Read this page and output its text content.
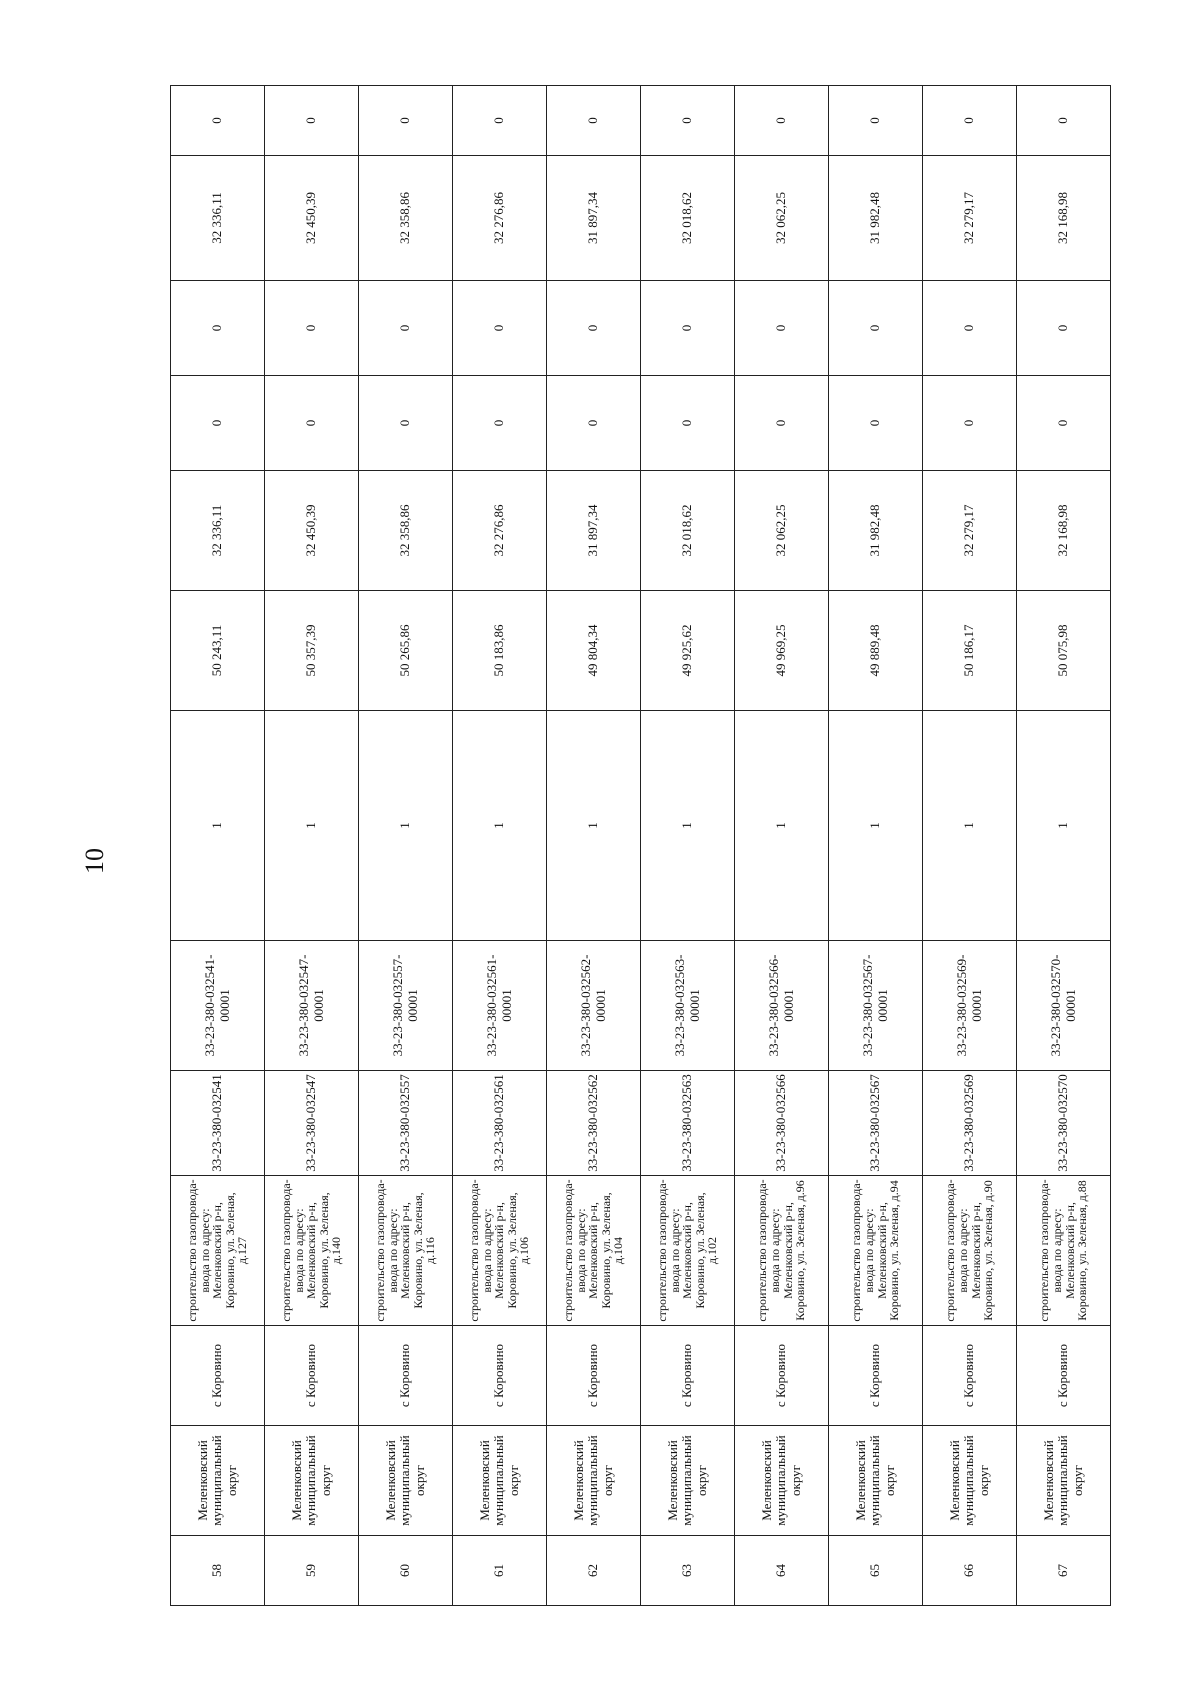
10
58	Меленковский муниципальный округ	с Коровино	строительство газопровода-ввода по адресу: Меленковский р-н, Коровино, ул. Зеленая, д.127	33-23-380-032541	33-23-380-032541-00001	1	50 243,11	32 336,11	0	0	32 336,11	0
59	Меленковский муниципальный округ	с Коровино	строительство газопровода-ввода по адресу: Меленковский р-н, Коровино, ул. Зеленая, д.140	33-23-380-032547	33-23-380-032547-00001	1	50 357,39	32 450,39	0	0	32 450,39	0
60	Меленковский муниципальный округ	с Коровино	строительство газопровода-ввода по адресу: Меленковский р-н, Коровино, ул. Зеленая, д.116	33-23-380-032557	33-23-380-032557-00001	1	50 265,86	32 358,86	0	0	32 358,86	0
61	Меленковский муниципальный округ	с Коровино	строительство газопровода-ввода по адресу: Меленковский р-н, Коровино, ул. Зеленая, д.106	33-23-380-032561	33-23-380-032561-00001	1	50 183,86	32 276,86	0	0	32 276,86	0
62	Меленковский муниципальный округ	с Коровино	строительство газопровода-ввода по адресу: Меленковский р-н, Коровино, ул. Зеленая, д.104	33-23-380-032562	33-23-380-032562-00001	1	49 804,34	31 897,34	0	0	31 897,34	0
63	Меленковский муниципальный округ	с Коровино	строительство газопровода-ввода по адресу: Меленковский р-н, Коровино, ул. Зеленая, д.102	33-23-380-032563	33-23-380-032563-00001	1	49 925,62	32 018,62	0	0	32 018,62	0
64	Меленковский муниципальный округ	с Коровино	строительство газопровода-ввода по адресу: Меленковский р-н, Коровино, ул. Зеленая, д.96	33-23-380-032566	33-23-380-032566-00001	1	49 969,25	32 062,25	0	0	32 062,25	0
65	Меленковский муниципальный округ	с Коровино	строительство газопровода-ввода по адресу: Меленковский р-н, Коровино, ул. Зеленая, д.94	33-23-380-032567	33-23-380-032567-00001	1	49 889,48	31 982,48	0	0	31 982,48	0
66	Меленковский муниципальный округ	с Коровино	строительство газопровода-ввода по адресу: Меленковский р-н, Коровино, ул. Зеленая, д.90	33-23-380-032569	33-23-380-032569-00001	1	50 186,17	32 279,17	0	0	32 279,17	0
67	Меленковский муниципальный округ	с Коровино	строительство газопровода-ввода по адресу: Меленковский р-н, Коровино, ул. Зеленая, д.88	33-23-380-032570	33-23-380-032570-00001	1	50 075,98	32 168,98	0	0	32 168,98	0
